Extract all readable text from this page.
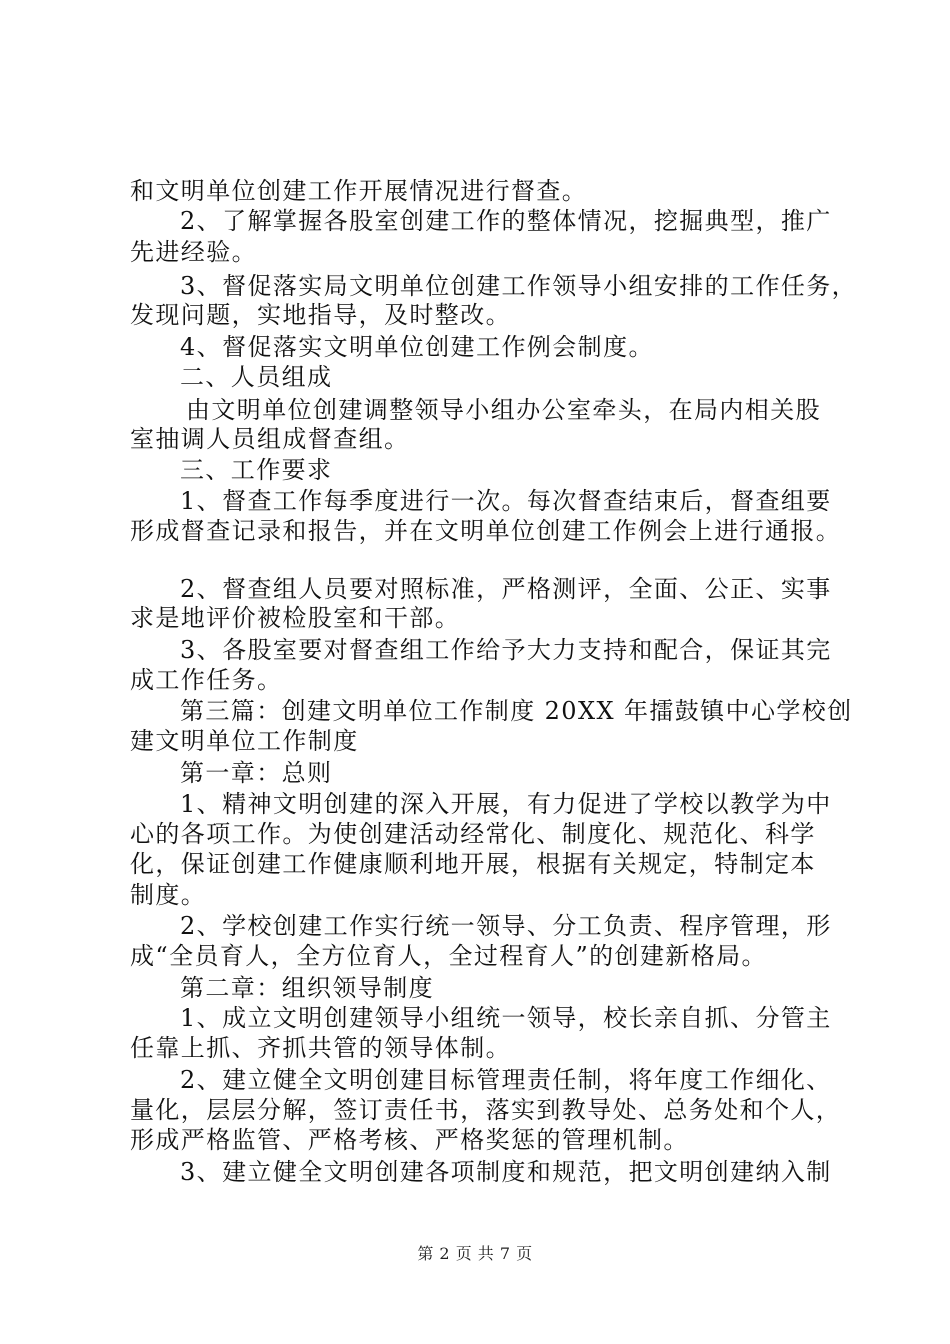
和文明单位创建工作开展情况进行督查。
2、了解掌握各股室创建工作的整体情况，挖掘典型，推广
先进经验。
3、督促落实局文明单位创建工作领导小组安排的工作任务，
发现问题，实地指导，及时整改。
4、督促落实文明单位创建工作例会制度。
二、人员组成
由文明单位创建调整领导小组办公室牵头，在局内相关股
室抽调人员组成督查组。
三、工作要求
1、督查工作每季度进行一次。每次督查结束后，督查组要
形成督查记录和报告，并在文明单位创建工作例会上进行通报。
2、督查组人员要对照标准，严格测评，全面、公正、实事
求是地评价被检股室和干部。
3、各股室要对督查组工作给予大力支持和配合，保证其完
成工作任务。
第三篇：创建文明单位工作制度 20XX 年擂鼓镇中心学校创
建文明单位工作制度
第一章：总则
1、精神文明创建的深入开展，有力促进了学校以教学为中
心的各项工作。为使创建活动经常化、制度化、规范化、科学
化，保证创建工作健康顺利地开展，根据有关规定，特制定本
制度。
2、学校创建工作实行统一领导、分工负责、程序管理，形
成“全员育人，全方位育人，全过程育人”的创建新格局。
第二章：组织领导制度
1、成立文明创建领导小组统一领导，校长亲自抓、分管主
任靠上抓、齐抓共管的领导体制。
2、建立健全文明创建目标管理责任制，将年度工作细化、
量化，层层分解，签订责任书，落实到教导处、总务处和个人，
形成严格监管、严格考核、严格奖惩的管理机制。
3、建立健全文明创建各项制度和规范，把文明创建纳入制
第 2 页 共 7 页
